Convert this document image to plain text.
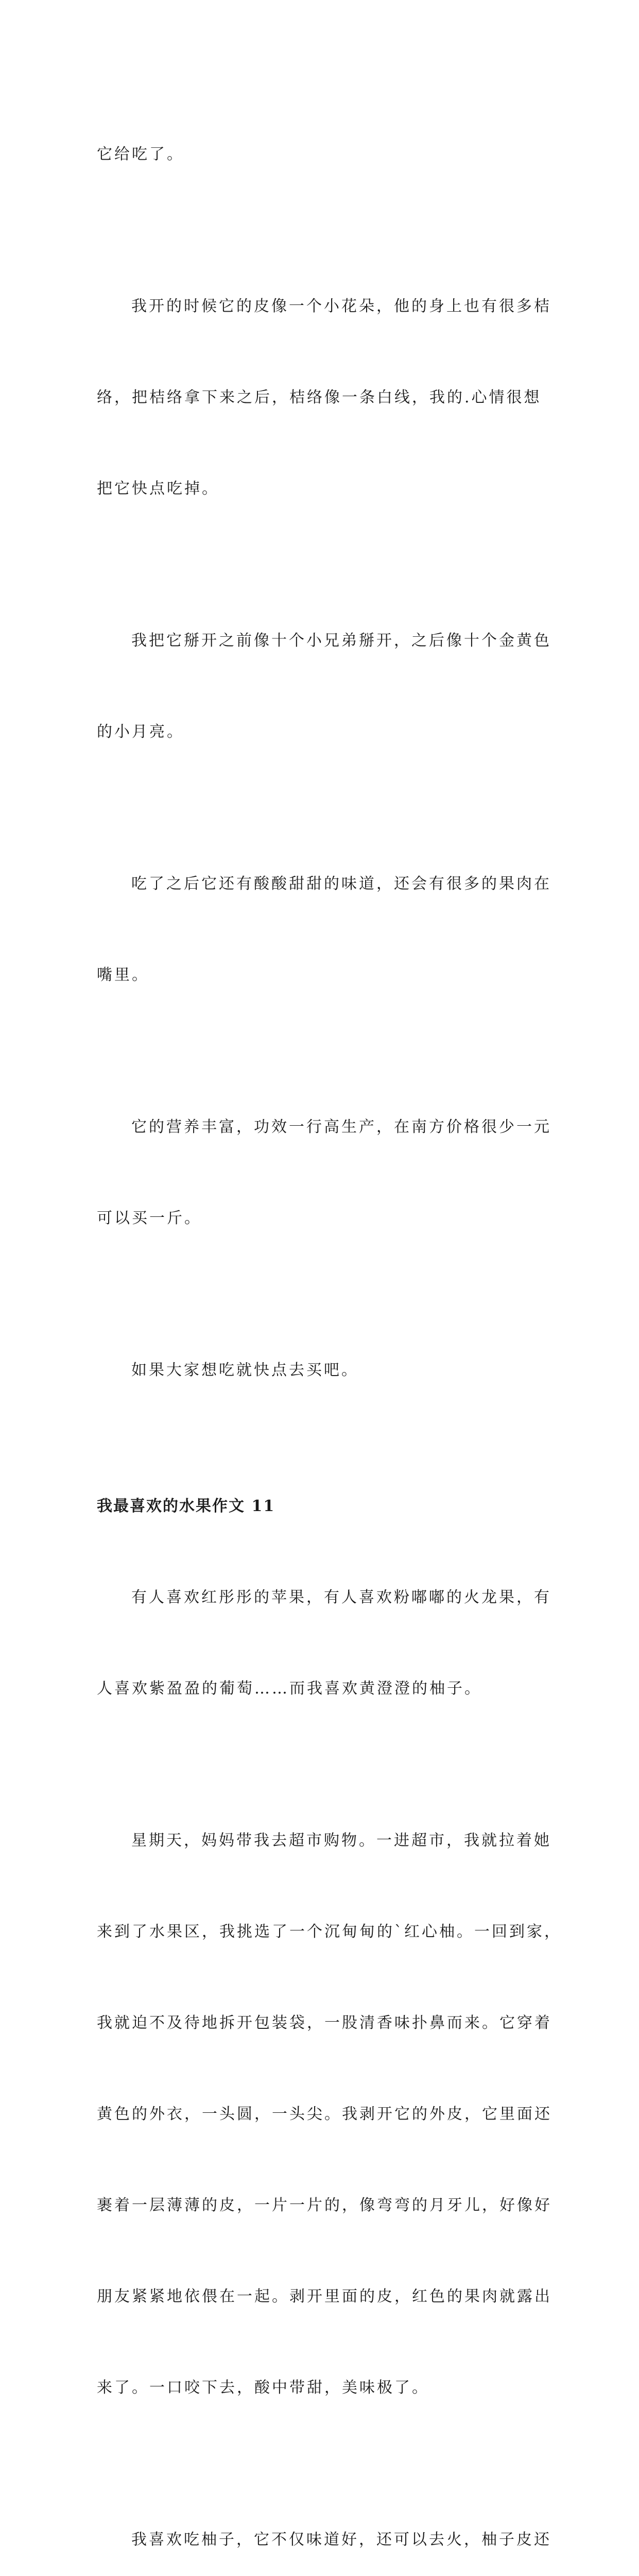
它给吃了。

我开的时候它的皮像一个小花朵，他的身上也有很多桔

络，把桔络拿下来之后，桔络像一条白线，我的.心情很想

把它快点吃掉。

我把它掰开之前像十个小兄弟掰开，之后像十个金黄色

的小月亮。

吃了之后它还有酸酸甜甜的味道，还会有很多的果肉在

嘴里。

它的营养丰富，功效一行高生产，在南方价格很少一元

可以买一斤。

如果大家想吃就快点去买吧。

我最喜欢的水果作文 11

有人喜欢红彤彤的苹果，有人喜欢粉嘟嘟的火龙果，有

人喜欢紫盈盈的葡萄……而我喜欢黄澄澄的柚子。

星期天，妈妈带我去超市购物。一进超市，我就拉着她

来到了水果区，我挑选了一个沉甸甸的`红心柚。一回到家，

我就迫不及待地拆开包装袋，一股清香味扑鼻而来。它穿着

黄色的外衣，一头圆，一头尖。我剥开它的外皮，它里面还

裹着一层薄薄的皮，一片一片的，像弯弯的月牙儿，好像好

朋友紧紧地依偎在一起。剥开里面的皮，红色的果肉就露出

来了。一口咬下去，酸中带甜，美味极了。

我喜欢吃柚子，它不仅味道好，还可以去火，柚子皮还
